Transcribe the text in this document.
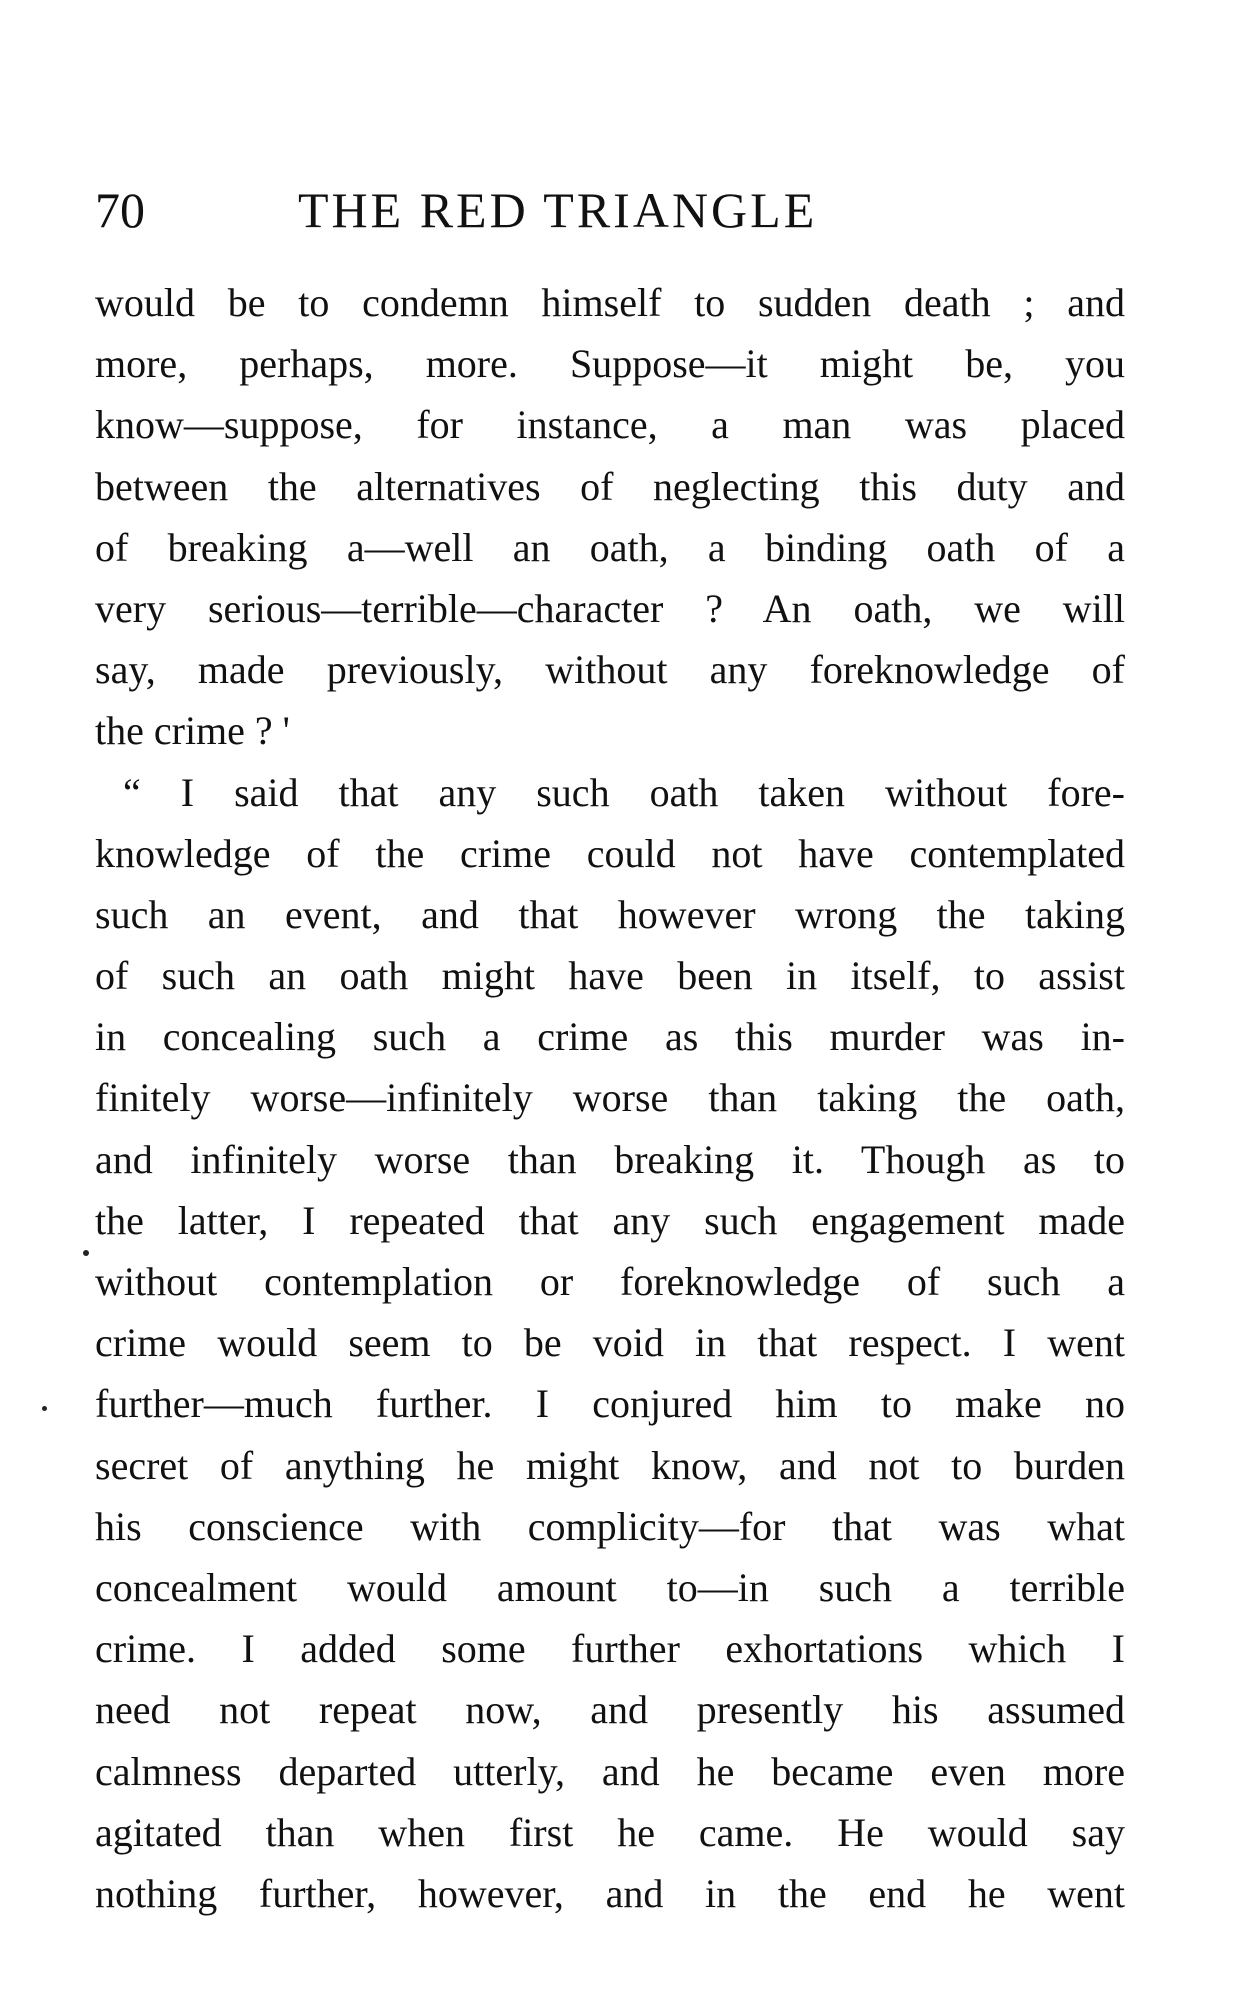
70	THE RED TRIANGLE
would be to condemn himself to sudden death ; and
more, perhaps, more. Suppose—it might be, you
know—suppose, for instance, a man was placed
between the alternatives of neglecting this duty and
of breaking a—well an oath, a binding oath of a
very serious—terrible—character ? An oath, we will
say, made previously, without any foreknowledge of
the crime ? '
“ I said that any such oath taken without fore-
knowledge of the crime could not have contemplated
such an event, and that however wrong the taking
of such an oath might have been in itself, to assist
in concealing such a crime as this murder was in-
finitely worse—infinitely worse than taking the oath,
and infinitely worse than breaking it. Though as to
the latter, I repeated that any such engagement made
without contemplation or foreknowledge of such a
crime would seem to be void in that respect. I went
further—much further. I conjured him to make no
secret of anything he might know, and not to burden
his conscience with complicity—for that was what
concealment would amount to—in such a terrible
crime. I added some further exhortations which I
need not repeat now, and presently his assumed
calmness departed utterly, and he became even more
agitated than when first he came. He would say
nothing further, however, and in the end he went
